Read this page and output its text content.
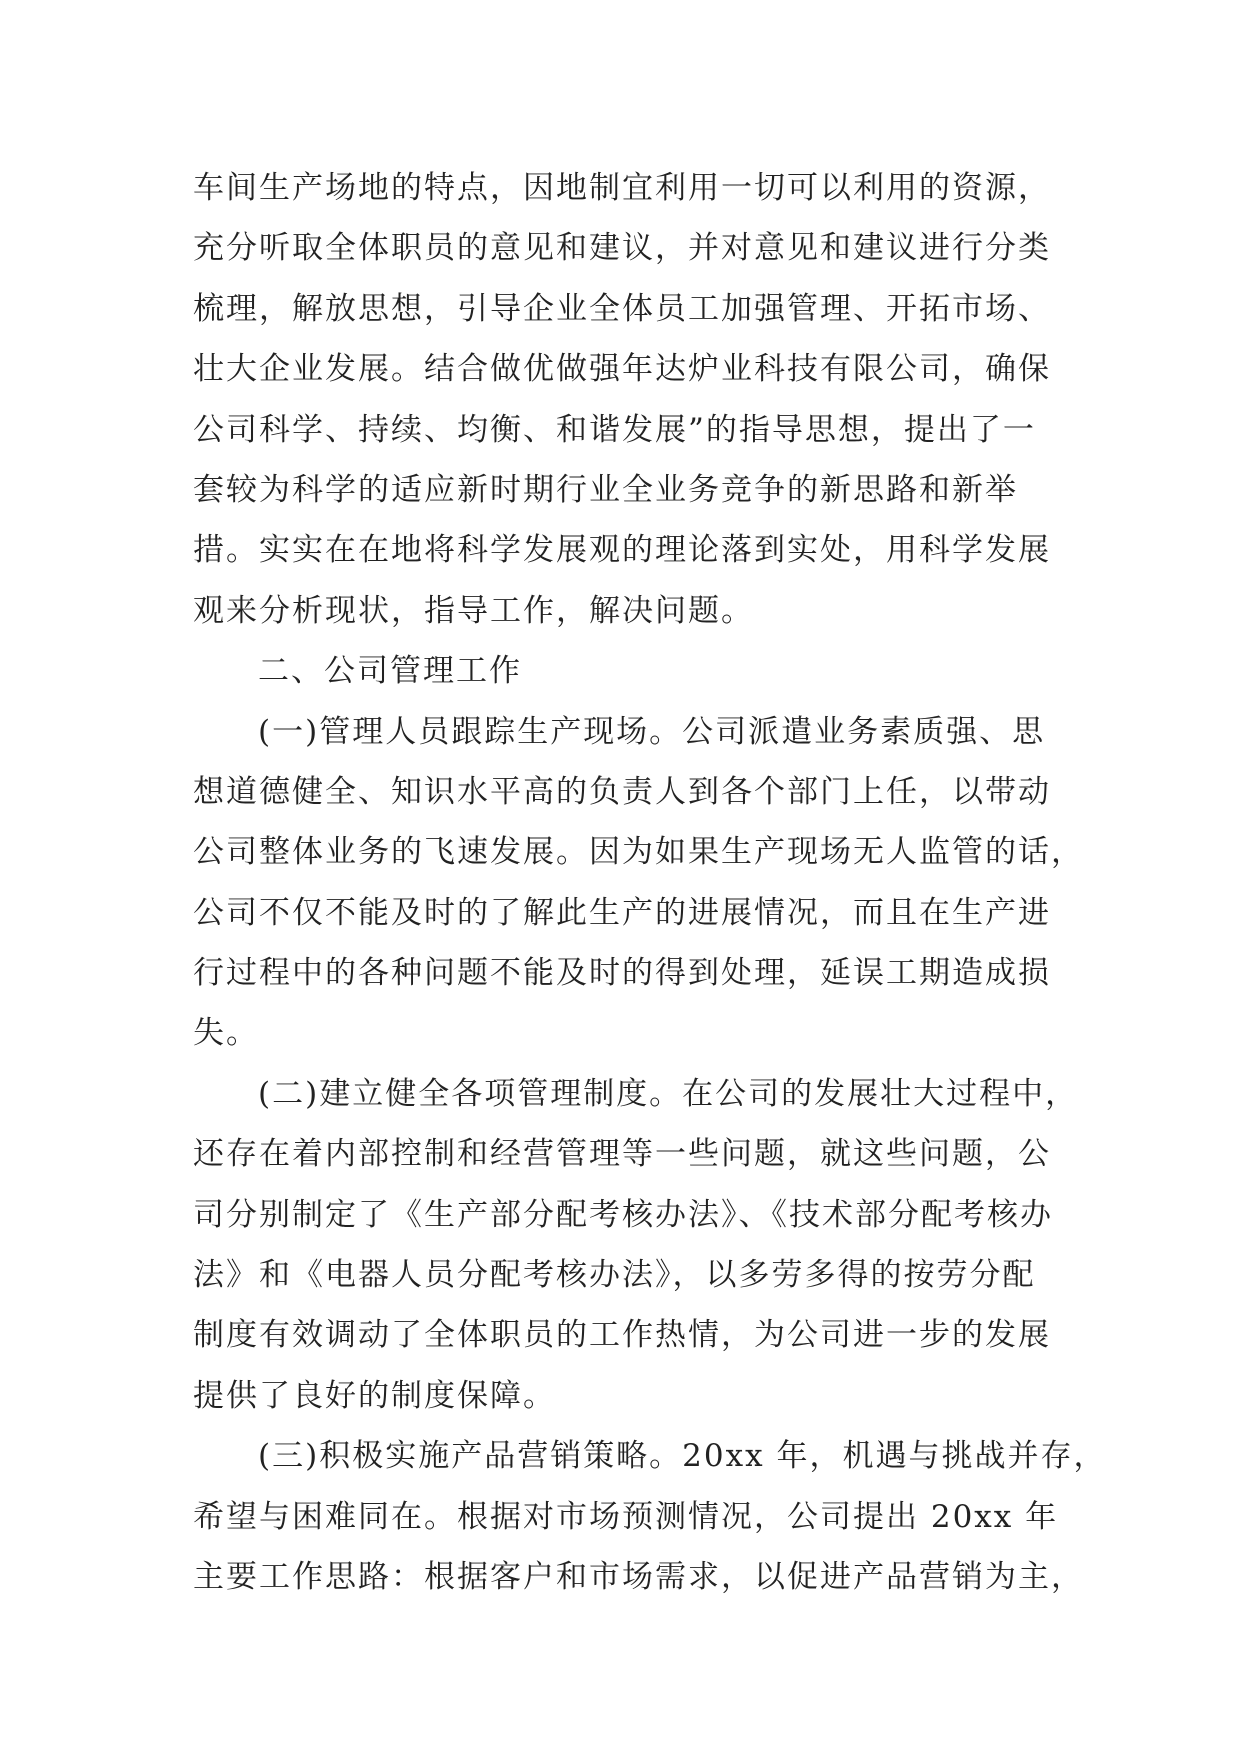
车间生产场地的特点，因地制宜利用一切可以利用的资源，
充分听取全体职员的意见和建议，并对意见和建议进行分类
梳理，解放思想，引导企业全体员工加强管理、开拓市场、
壮大企业发展。结合做优做强年达炉业科技有限公司，确保
公司科学、持续、均衡、和谐发展”的指导思想，提出了一
套较为科学的适应新时期行业全业务竞争的新思路和新举
措。实实在在地将科学发展观的理论落到实处，用科学发展
观来分析现状，指导工作，解决问题。
二、公司管理工作
(一)管理人员跟踪生产现场。公司派遣业务素质强、思
想道德健全、知识水平高的负责人到各个部门上任，以带动
公司整体业务的飞速发展。因为如果生产现场无人监管的话，
公司不仅不能及时的了解此生产的进展情况，而且在生产进
行过程中的各种问题不能及时的得到处理，延误工期造成损
失。
(二)建立健全各项管理制度。在公司的发展壮大过程中，
还存在着内部控制和经营管理等一些问题，就这些问题，公
司分别制定了《生产部分配考核办法》、《技术部分配考核办
法》和《电器人员分配考核办法》，以多劳多得的按劳分配
制度有效调动了全体职员的工作热情，为公司进一步的发展
提供了良好的制度保障。
(三)积极实施产品营销策略。20xx 年，机遇与挑战并存，
希望与困难同在。根据对市场预测情况，公司提出 20xx 年
主要工作思路：根据客户和市场需求，以促进产品营销为主，
